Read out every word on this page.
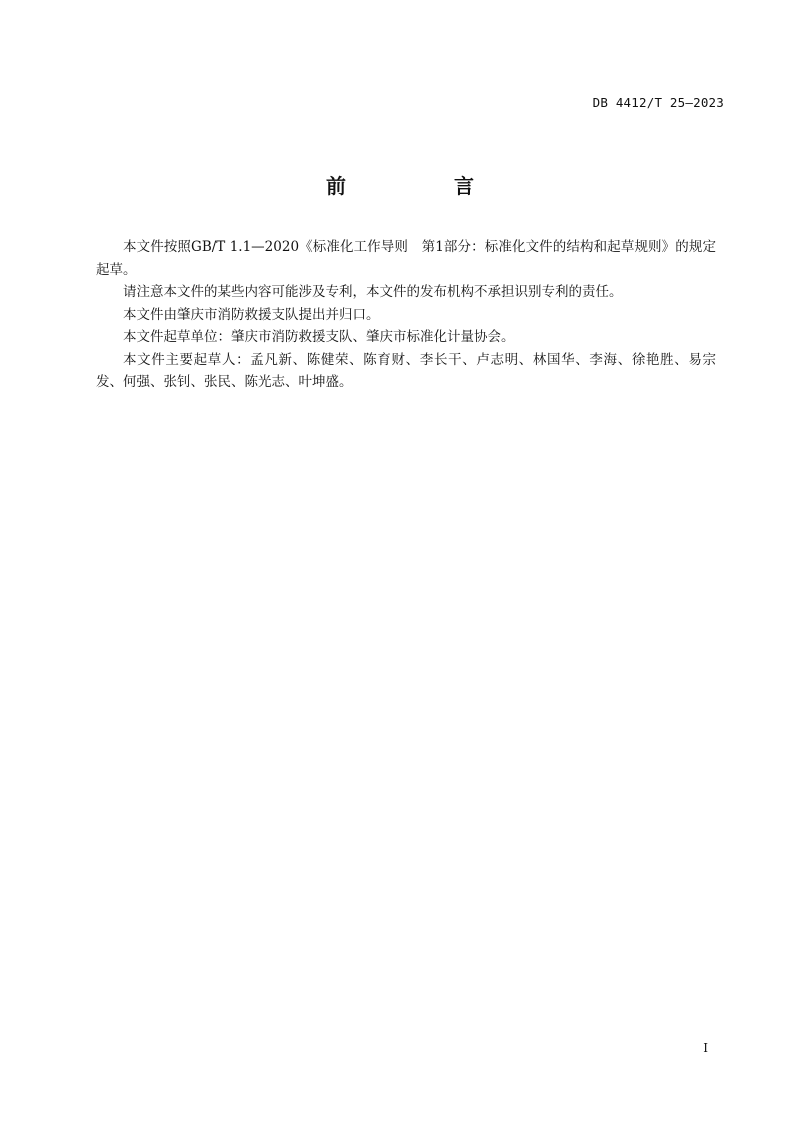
DB 4412/T 25—2023
前　言

本文件按照GB/T 1.1—2020《标准化工作导则　第1部分：标准化文件的结构和起草规则》的规定起草。

请注意本文件的某些内容可能涉及专利，本文件的发布机构不承担识别专利的责任。

本文件由肇庆市消防救援支队提出并归口。

本文件起草单位：肇庆市消防救援支队、肇庆市标准化计量协会。

本文件主要起草人：孟凡新、陈健荣、陈育财、李长干、卢志明、林国华、李海、徐艳胜、易宗发、何强、张钊、张民、陈光志、叶坤盛。

I
